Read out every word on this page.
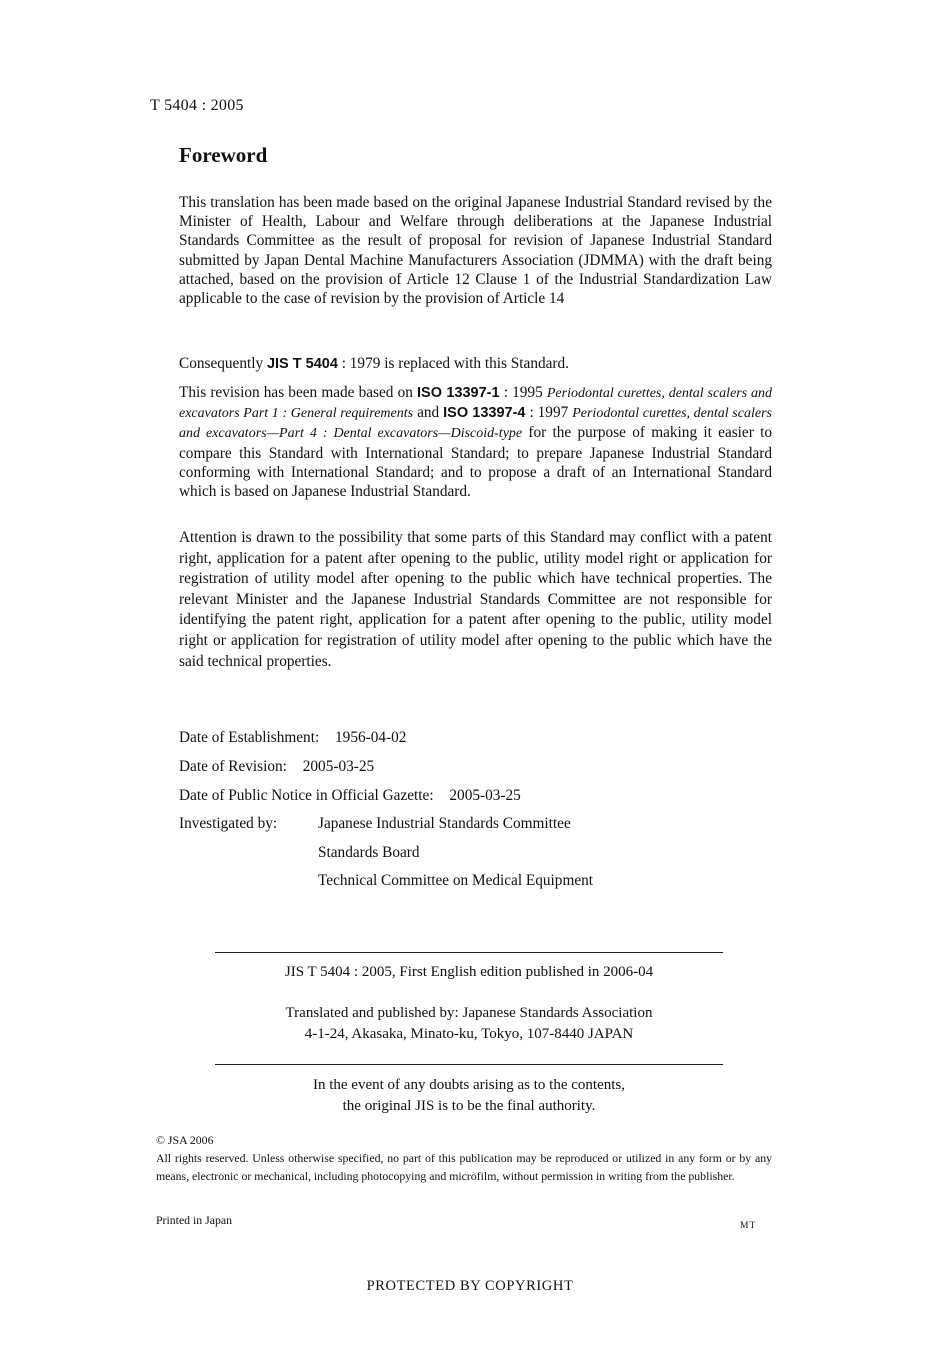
T 5404 : 2005
Foreword

This translation has been made based on the original Japanese Industrial Standard revised by the Minister of Health, Labour and Welfare through deliberations at the Japanese Industrial Standards Committee as the result of proposal for revision of Japanese Industrial Standard submitted by Japan Dental Machine Manufacturers Association (JDMMA) with the draft being attached, based on the provision of Article 12 Clause 1 of the Industrial Standardization Law applicable to the case of revision by the provision of Article 14

Consequently JIS T 5404 : 1979 is replaced with this Standard.

This revision has been made based on ISO 13397-1 : 1995 Periodontal curettes, dental scalers and excavators Part 1 : General requirements and ISO 13397-4 : 1997 Periodontal curettes, dental scalers and excavators—Part 4 : Dental excavators—Discoid-type for the purpose of making it easier to compare this Standard with International Standard; to prepare Japanese Industrial Standard conforming with International Standard; and to propose a draft of an International Standard which is based on Japanese Industrial Standard.

Attention is drawn to the possibility that some parts of this Standard may conflict with a patent right, application for a patent after opening to the public, utility model right or application for registration of utility model after opening to the public which have technical properties. The relevant Minister and the Japanese Industrial Standards Committee are not responsible for identifying the patent right, application for a patent after opening to the public, utility model right or application for registration of utility model after opening to the public which have the said technical properties.

Date of Establishment: 1956-04-02
Date of Revision: 2005-03-25
Date of Public Notice in Official Gazette: 2005-03-25
Investigated by:	Japanese Industrial Standards Committee
Standards Board
Technical Committee on Medical Equipment
JIS T 5404 : 2005, First English edition published in 2006-04
Translated and published by: Japanese Standards Association
4-1-24, Akasaka, Minato-ku, Tokyo, 107-8440 JAPAN
In the event of any doubts arising as to the contents,
the original JIS is to be the final authority.
© JSA 2006
All rights reserved. Unless otherwise specified, no part of this publication may be reproduced or utilized in any form or by any means, electronic or mechanical, including photocopying and microfilm, without permission in writing from the publisher.
Printed in Japan	MT
PROTECTED BY COPYRIGHT
